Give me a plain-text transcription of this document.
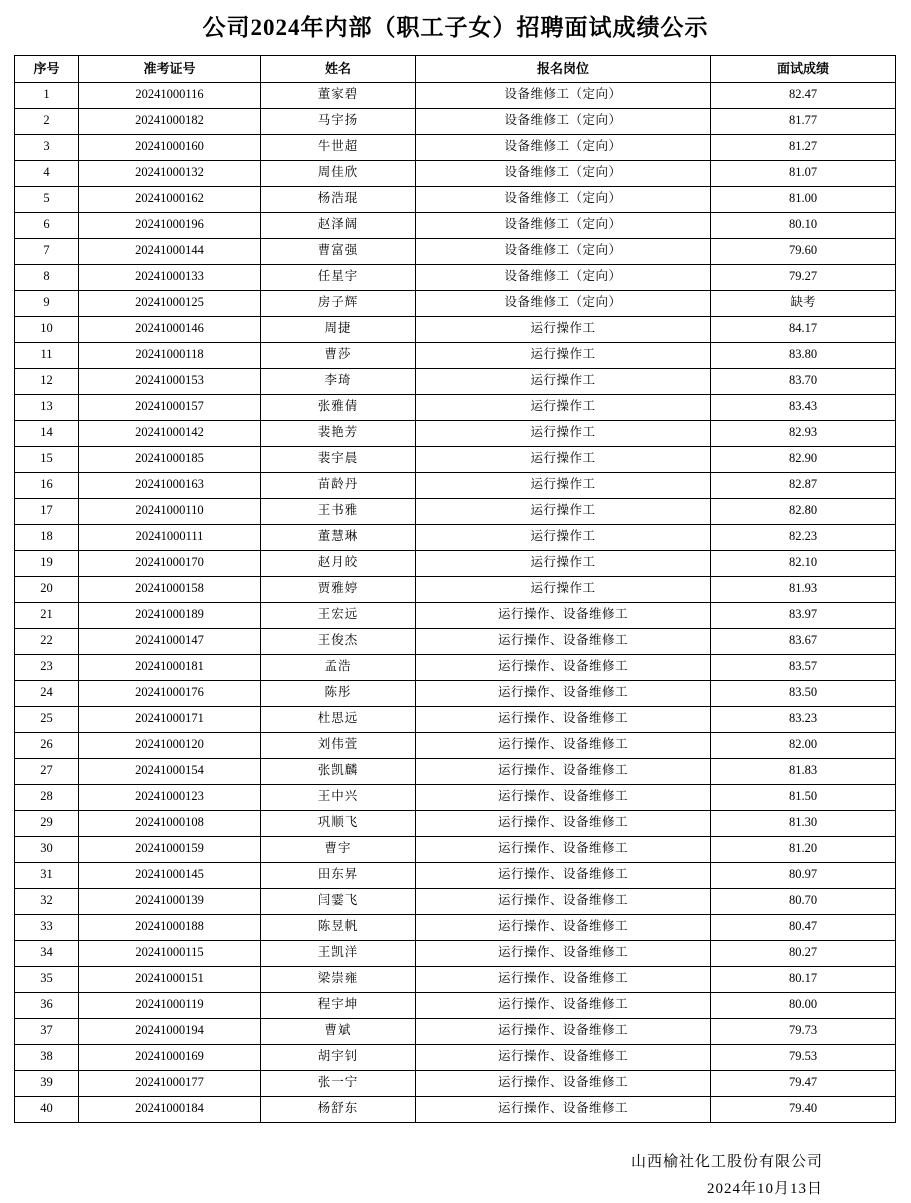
公司2024年内部（职工子女）招聘面试成绩公示
序号	准考证号	姓名	报名岗位	面试成绩
1	20241000116	董家碧	设备维修工（定向）	82.47
2	20241000182	马宇扬	设备维修工（定向）	81.77
3	20241000160	牛世超	设备维修工（定向）	81.27
4	20241000132	周佳欣	设备维修工（定向）	81.07
5	20241000162	杨浩琨	设备维修工（定向）	81.00
6	20241000196	赵泽阔	设备维修工（定向）	80.10
7	20241000144	曹富强	设备维修工（定向）	79.60
8	20241000133	任星宇	设备维修工（定向）	79.27
9	20241000125	房子辉	设备维修工（定向）	缺考
10	20241000146	周捷	运行操作工	84.17
11	20241000118	曹莎	运行操作工	83.80
12	20241000153	李琦	运行操作工	83.70
13	20241000157	张雅倩	运行操作工	83.43
14	20241000142	裴艳芳	运行操作工	82.93
15	20241000185	裴宇晨	运行操作工	82.90
16	20241000163	苗龄丹	运行操作工	82.87
17	20241000110	王书雅	运行操作工	82.80
18	20241000111	董慧琳	运行操作工	82.23
19	20241000170	赵月皎	运行操作工	82.10
20	20241000158	贾雅婷	运行操作工	81.93
21	20241000189	王宏远	运行操作、设备维修工	83.97
22	20241000147	王俊杰	运行操作、设备维修工	83.67
23	20241000181	孟浩	运行操作、设备维修工	83.57
24	20241000176	陈彤	运行操作、设备维修工	83.50
25	20241000171	杜思远	运行操作、设备维修工	83.23
26	20241000120	刘伟萱	运行操作、设备维修工	82.00
27	20241000154	张凯麟	运行操作、设备维修工	81.83
28	20241000123	王中兴	运行操作、设备维修工	81.50
29	20241000108	巩顺飞	运行操作、设备维修工	81.30
30	20241000159	曹宇	运行操作、设备维修工	81.20
31	20241000145	田东昇	运行操作、设备维修工	80.97
32	20241000139	闫霎飞	运行操作、设备维修工	80.70
33	20241000188	陈昱帆	运行操作、设备维修工	80.47
34	20241000115	王凯洋	运行操作、设备维修工	80.27
35	20241000151	梁崇雍	运行操作、设备维修工	80.17
36	20241000119	程宇坤	运行操作、设备维修工	80.00
37	20241000194	曹斌	运行操作、设备维修工	79.73
38	20241000169	胡宇钊	运行操作、设备维修工	79.53
39	20241000177	张一宁	运行操作、设备维修工	79.47
40	20241000184	杨舒东	运行操作、设备维修工	79.40
山西榆社化工股份有限公司
2024年10月13日
